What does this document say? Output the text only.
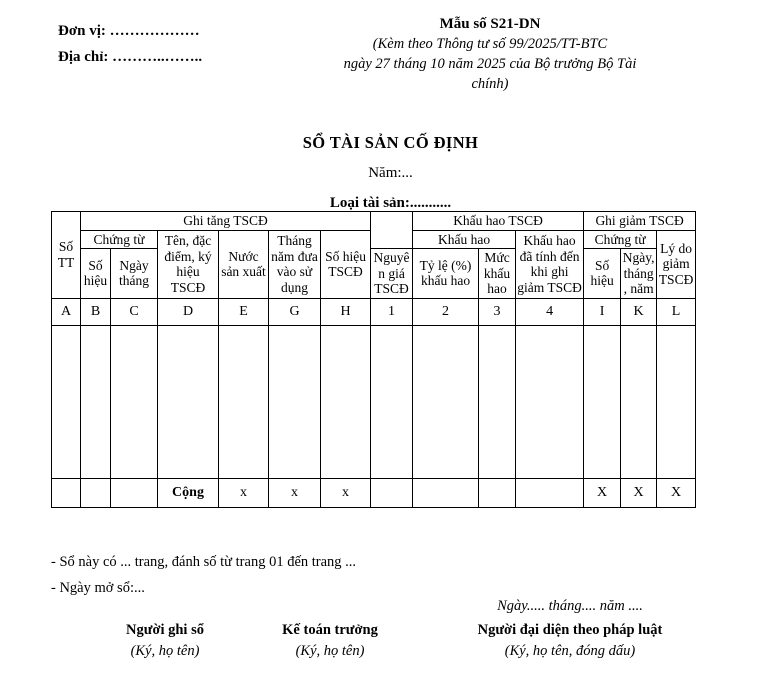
Đơn vị: ………………
Địa chỉ: ………..……..
Mẫu số S21-DN
(Kèm theo Thông tư số 99/2025/TT-BTC
ngày 27 tháng 10 năm 2025 của Bộ trưởng Bộ Tài
chính)
SỔ TÀI SẢN CỐ ĐỊNH
Năm:...
Loại tài sản:...........
Số TT	Ghi tăng TSCĐ							Khấu hao TSCĐ			Ghi giảm TSCĐ		
	Chứng từ		Tên, đặc điểm, ký hiệu TSCĐ	Nước sản xuất	Tháng năm đưa vào sử dụng	Số hiệu TSCĐ		Khấu hao		Khấu hao đã tính đến khi ghi giảm TSCĐ	Chứng từ		Lý do giảm TSCĐ
	Số hiệu	Ngày tháng					Nguyên giá TSCĐ	Tỷ lệ (%) khấu hao	Mức khấu hao		Số hiệu	Ngày, tháng, năm	

A	B	C	D	E	G	H	1	2	3	4	I	K	L

			Cộng	x	x	x					X	X	X
- Sổ này có ... trang, đánh số từ trang 01 đến trang ...
- Ngày mở sổ:...
Ngày..... tháng.... năm ....
Người ghi sổ
(Ký, họ tên)
Kế toán trưởng
(Ký, họ tên)
Người đại diện theo pháp luật
(Ký, họ tên, đóng dấu)
